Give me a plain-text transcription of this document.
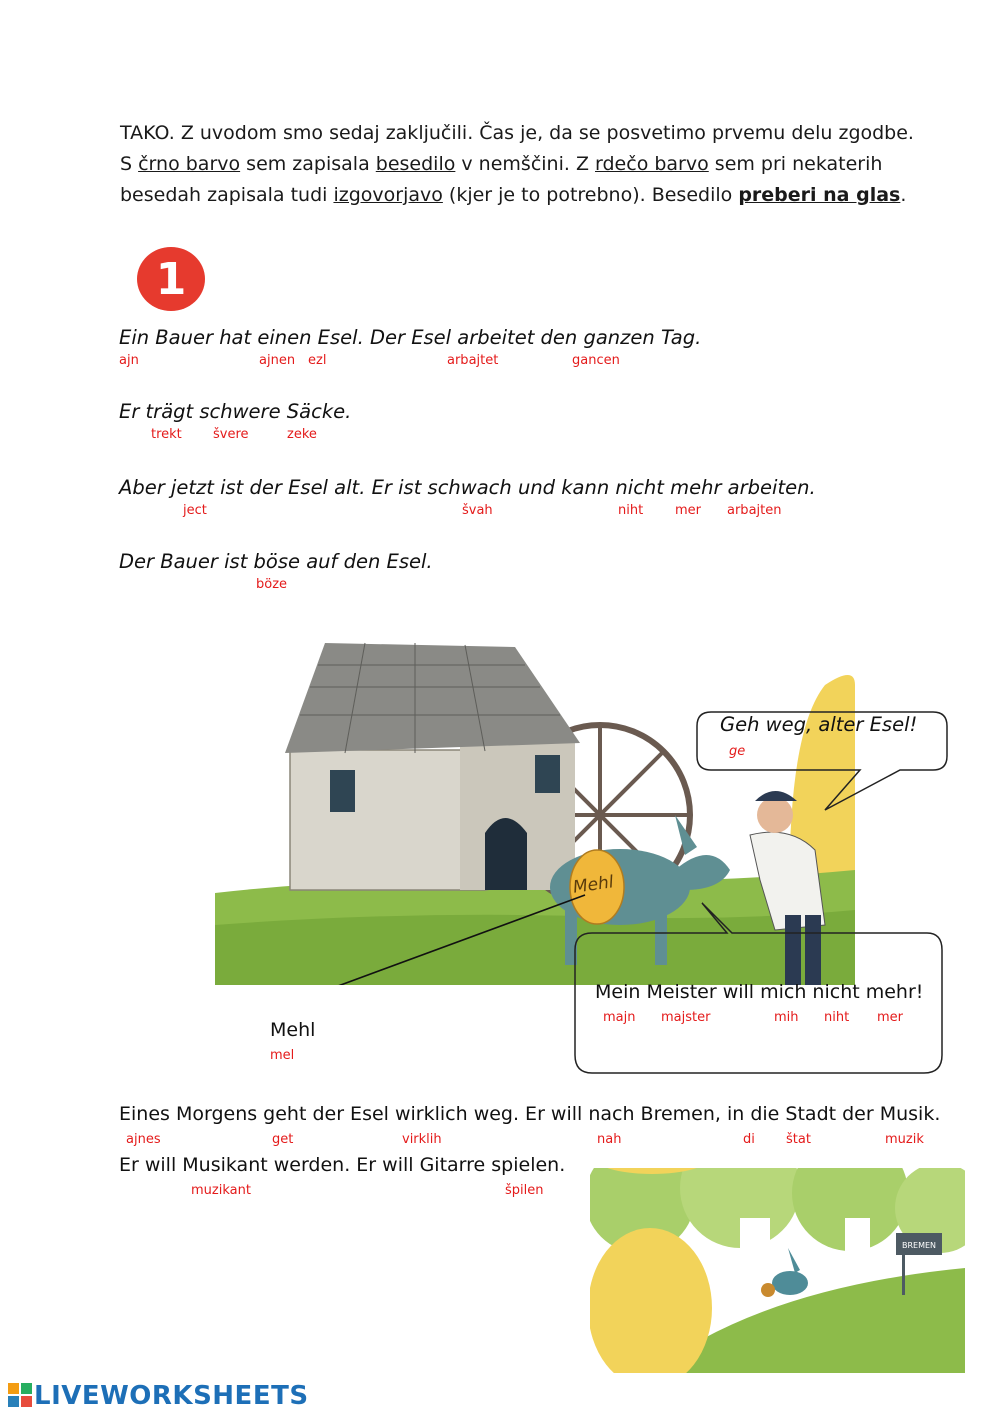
TAKO. Z uvodom smo sedaj zaključili. Čas je, da se posvetimo prvemu delu zgodbe. S črno barvo sem zapisala besedilo v nemščini. Z rdečo barvo sem pri nekaterih besedah zapisala tudi izgovorjavo (kjer je to potrebno). Besedilo preberi na glas.
1
Ein Bauer hat einen Esel. Der Esel arbeitet den ganzen Tag.
ajn	ajnen ezl	arbajtet	gancen
Er trägt schwere Säcke.
trekt švere	zeke
Aber jetzt ist der Esel alt. Er ist schwach und kann nicht mehr arbeiten.
ject	švah	niht mer arbajten
Der Bauer ist böse auf den Esel.
böze
Mehl
Geh weg, alter Esel!
ge
Mein Meister will mich nicht mehr!
majn majster	mih niht mer
Mehl
mel
Eines Morgens geht der Esel wirklich weg. Er will nach Bremen, in die Stadt der Musik.
ajnes	get	virklih	nah	di štat	muzik
Er will Musikant werden. Er will Gitarre spielen.
muzikant	špilen
BREMEN
LIVEWORKSHEETS
